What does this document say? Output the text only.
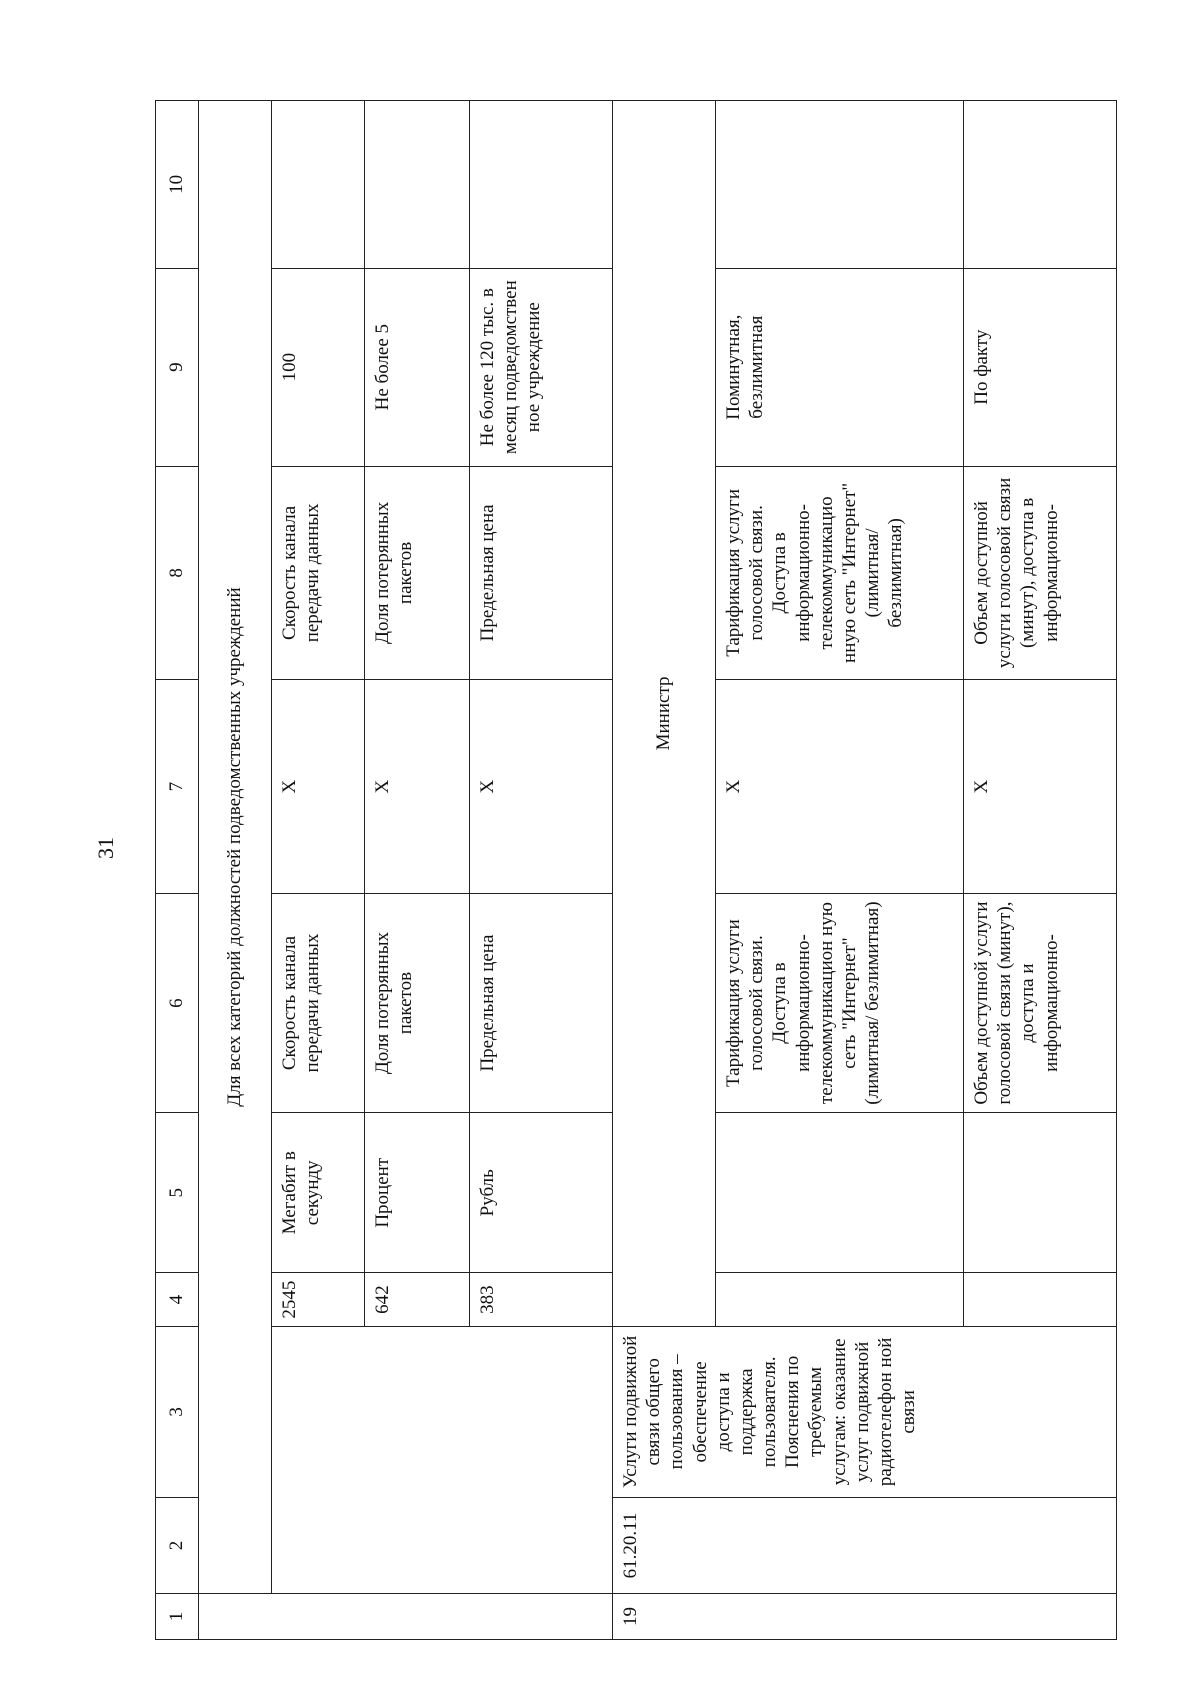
31
1	2	3	4	5	6	7	8	9	10
	Для всех категорий должностей подведомственных учреждений								
			2545	Мегабит в секунду	Скорость канала передачи данных	X	Скорость канала передачи данных	100	
			642	Процент	Доля потерянных пакетов	X	Доля потерянных пакетов	Не более 5	
			383	Рубль	Предельная цена	X	Предельная цена	Не более 120 тыс. в месяц подведомствен ное учреждение	
19	61.20.11	Услуги подвижной связи общего пользования – обеспечение доступа и поддержка пользователя. Пояснения по требуемым услугам: оказание услуг подвижной радиотелефон ной связи	Министр						
					Тарификация услуги голосовой связи. Доступа в информационно- телекоммуникацион ную сеть "Интернет" (лимитная/ безлимитная)	X	Тарификация услуги голосовой связи. Доступа в информационно- телекоммуникацио нную сеть "Интернет" (лимитная/ безлимитная)	Поминутная, безлимитная	
					Объем доступной услуги голосовой связи (минут), доступа и информационно-	X	Объем доступной услуги голосовой связи (минут), доступа в информационно-	По факту	
